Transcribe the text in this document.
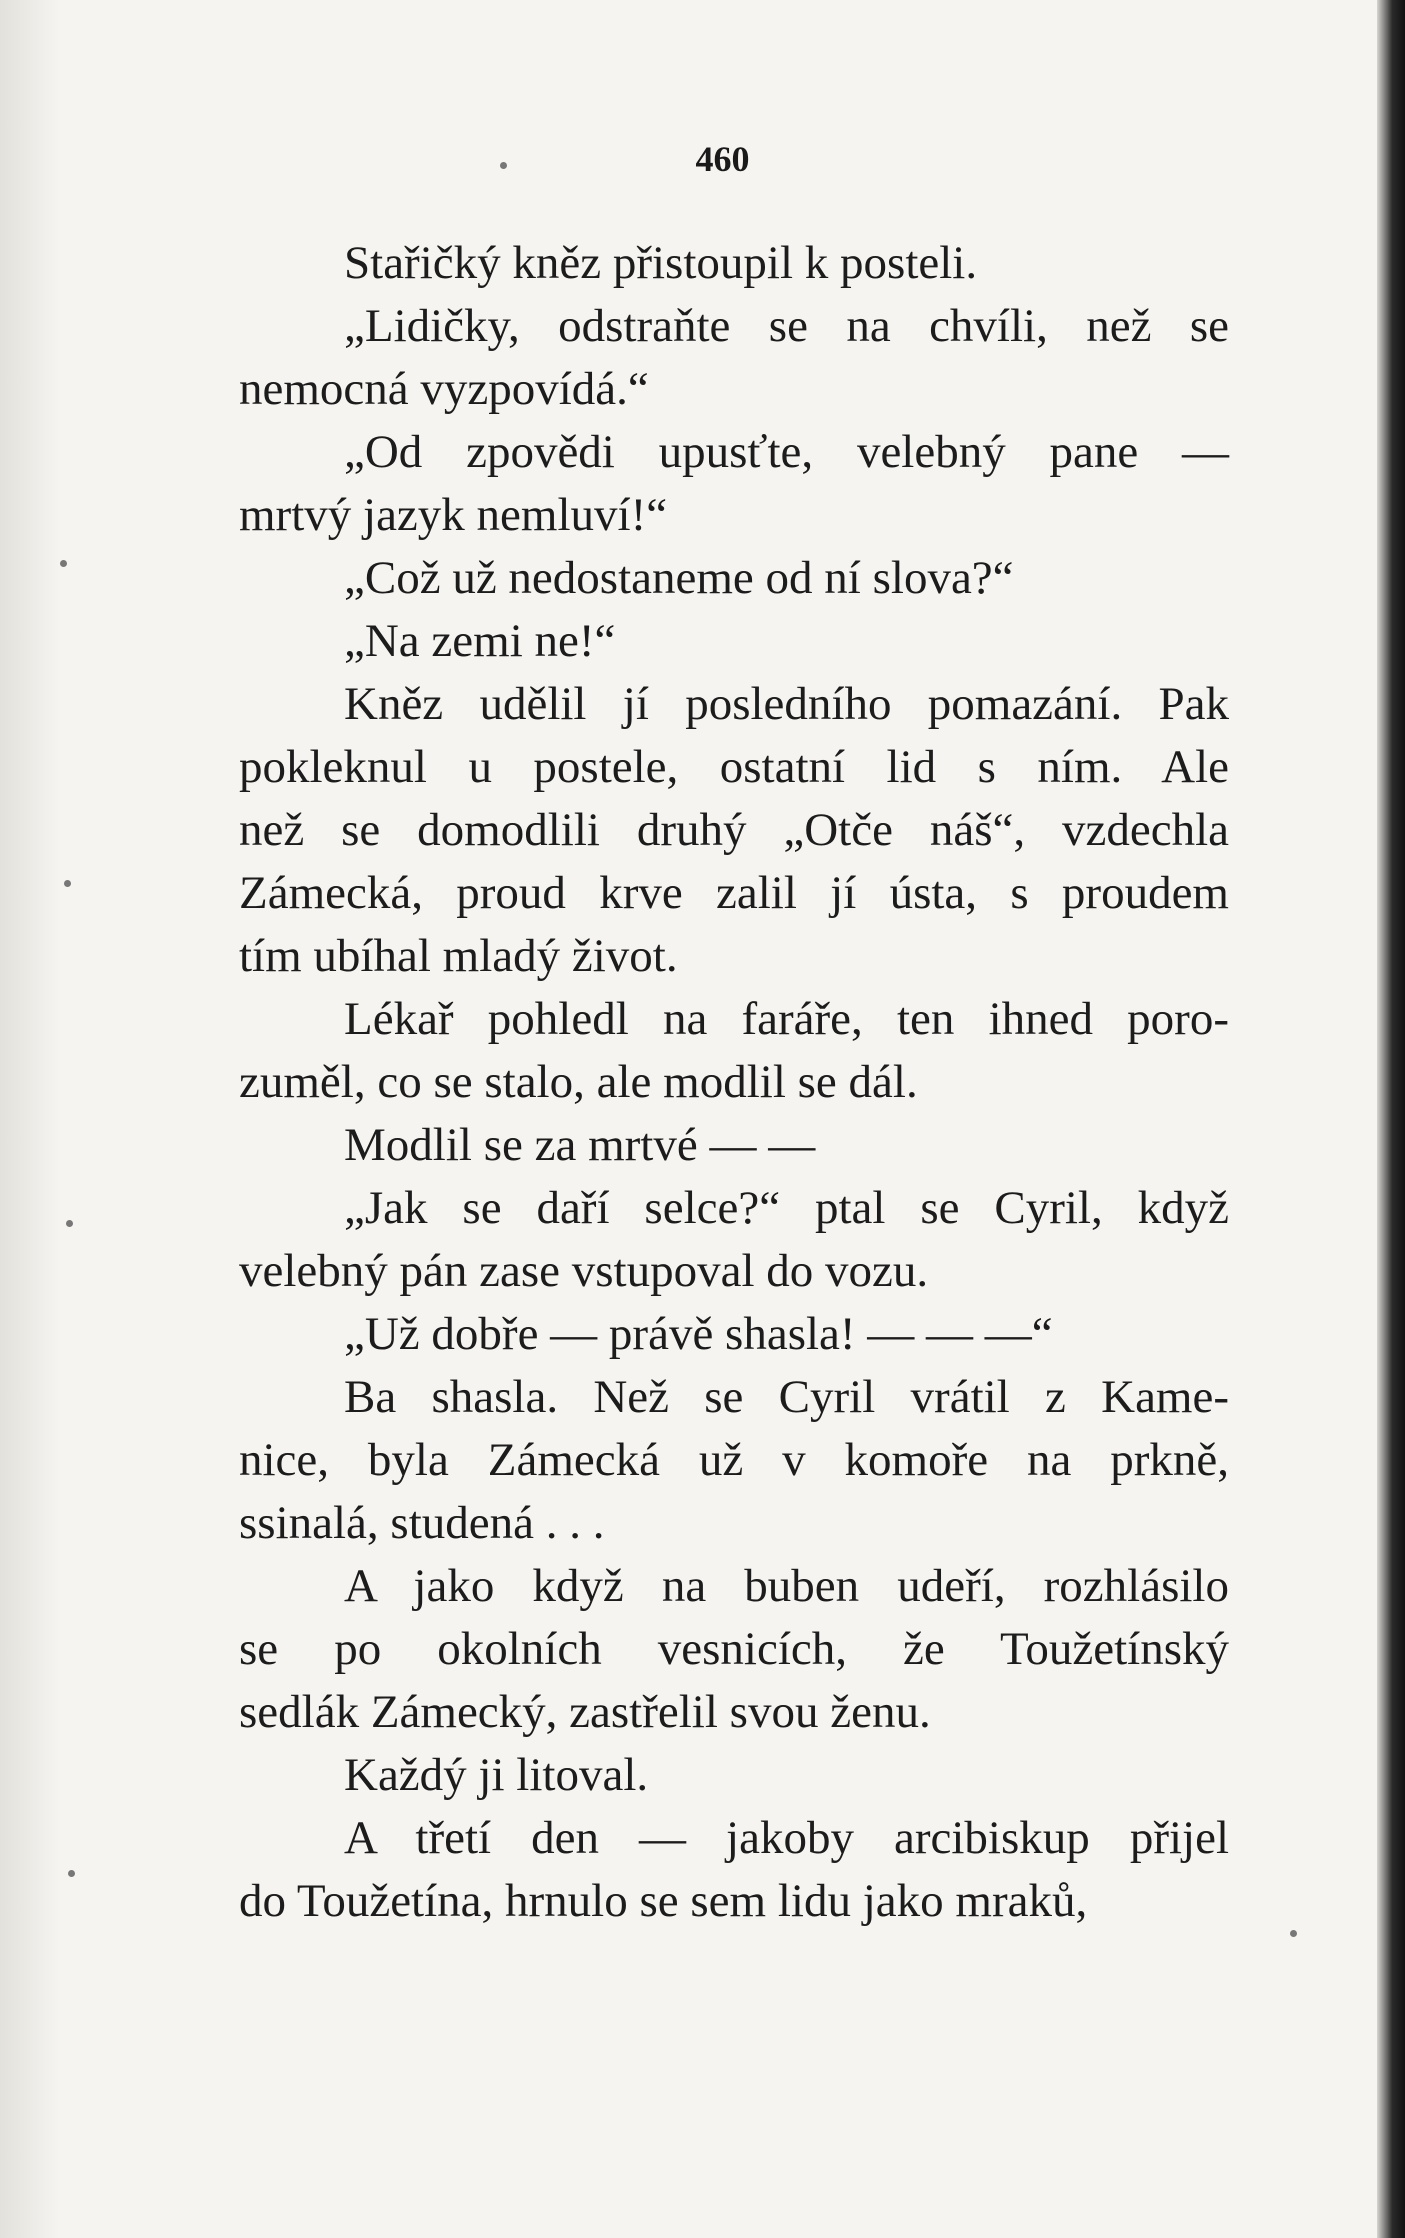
460
Stařičký kněz přistoupil k posteli.
„Lidičky, odstraňte se na chvíli, než se
nemocná vyzpovídá.“
„Od zpovědi upusťte, velebný pane —
mrtvý jazyk nemluví!“
„Což už nedostaneme od ní slova?“
„Na zemi ne!“
Kněz udělil jí posledního pomazání. Pak
pokleknul u postele, ostatní lid s ním. Ale
než se domodlili druhý „Otče náš“, vzdechla
Zámecká, proud krve zalil jí ústa, s proudem
tím ubíhal mladý život.
Lékař pohledl na faráře, ten ihned poro-
zuměl, co se stalo, ale modlil se dál.
Modlil se za mrtvé — —
„Jak se daří selce?“ ptal se Cyril, když
velebný pán zase vstupoval do vozu.
„Už dobře — právě shasla! — — —“
Ba shasla. Než se Cyril vrátil z Kame-
nice, byla Zámecká už v komoře na prkně,
ssinalá, studená . . .
A jako když na buben udeří, rozhlásilo
se po okolních vesnicích, že Toužetínský
sedlák Zámecký, zastřelil svou ženu.
Každý ji litoval.
A třetí den — jakoby arcibiskup přijel
do Toužetína, hrnulo se sem lidu jako mraků,
